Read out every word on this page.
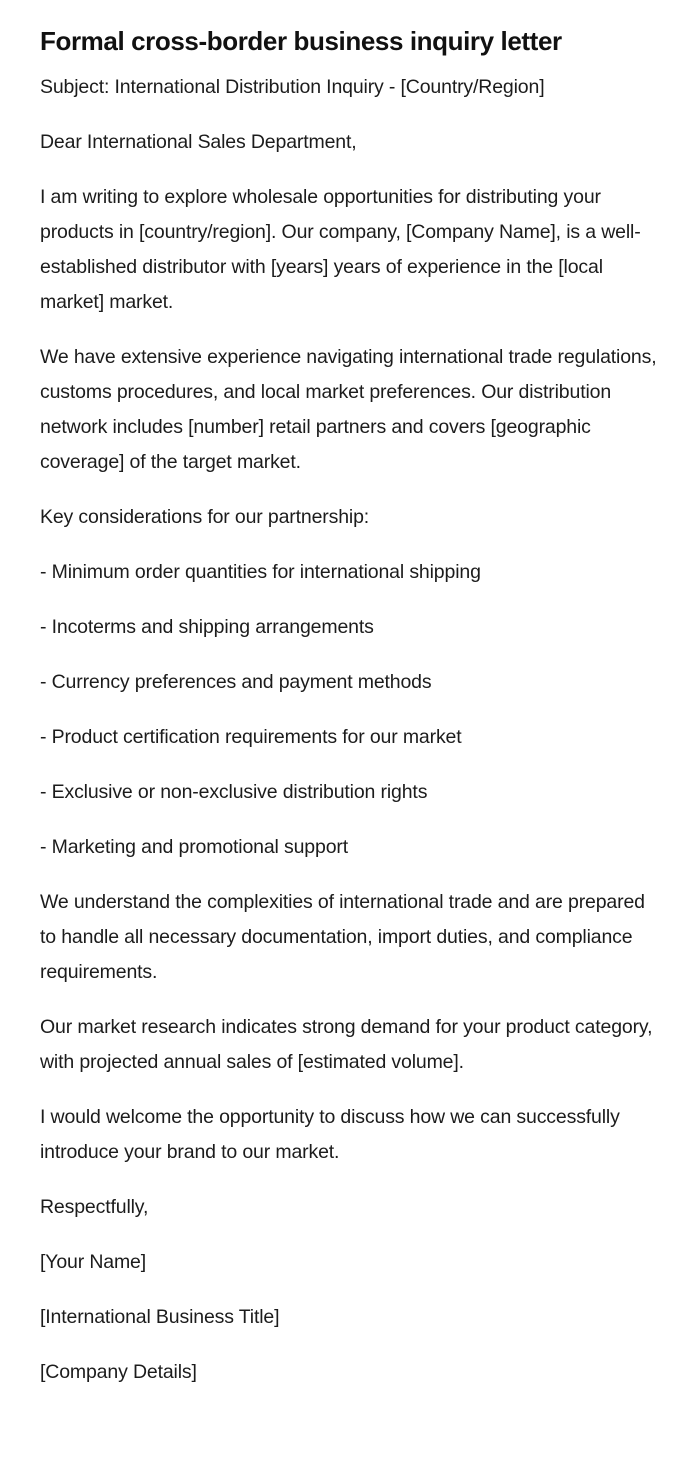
Formal cross-border business inquiry letter

Subject: International Distribution Inquiry - [Country/Region]

Dear International Sales Department,

I am writing to explore wholesale opportunities for distributing your products in [country/region]. Our company, [Company Name], is a well-established distributor with [years] years of experience in the [local market] market.

We have extensive experience navigating international trade regulations, customs procedures, and local market preferences. Our distribution network includes [number] retail partners and covers [geographic coverage] of the target market.

Key considerations for our partnership:

- Minimum order quantities for international shipping

- Incoterms and shipping arrangements

- Currency preferences and payment methods

- Product certification requirements for our market

- Exclusive or non-exclusive distribution rights

- Marketing and promotional support

We understand the complexities of international trade and are prepared to handle all necessary documentation, import duties, and compliance requirements.

Our market research indicates strong demand for your product category, with projected annual sales of [estimated volume].

I would welcome the opportunity to discuss how we can successfully introduce your brand to our market.

Respectfully,

[Your Name]

[International Business Title]

[Company Details]
